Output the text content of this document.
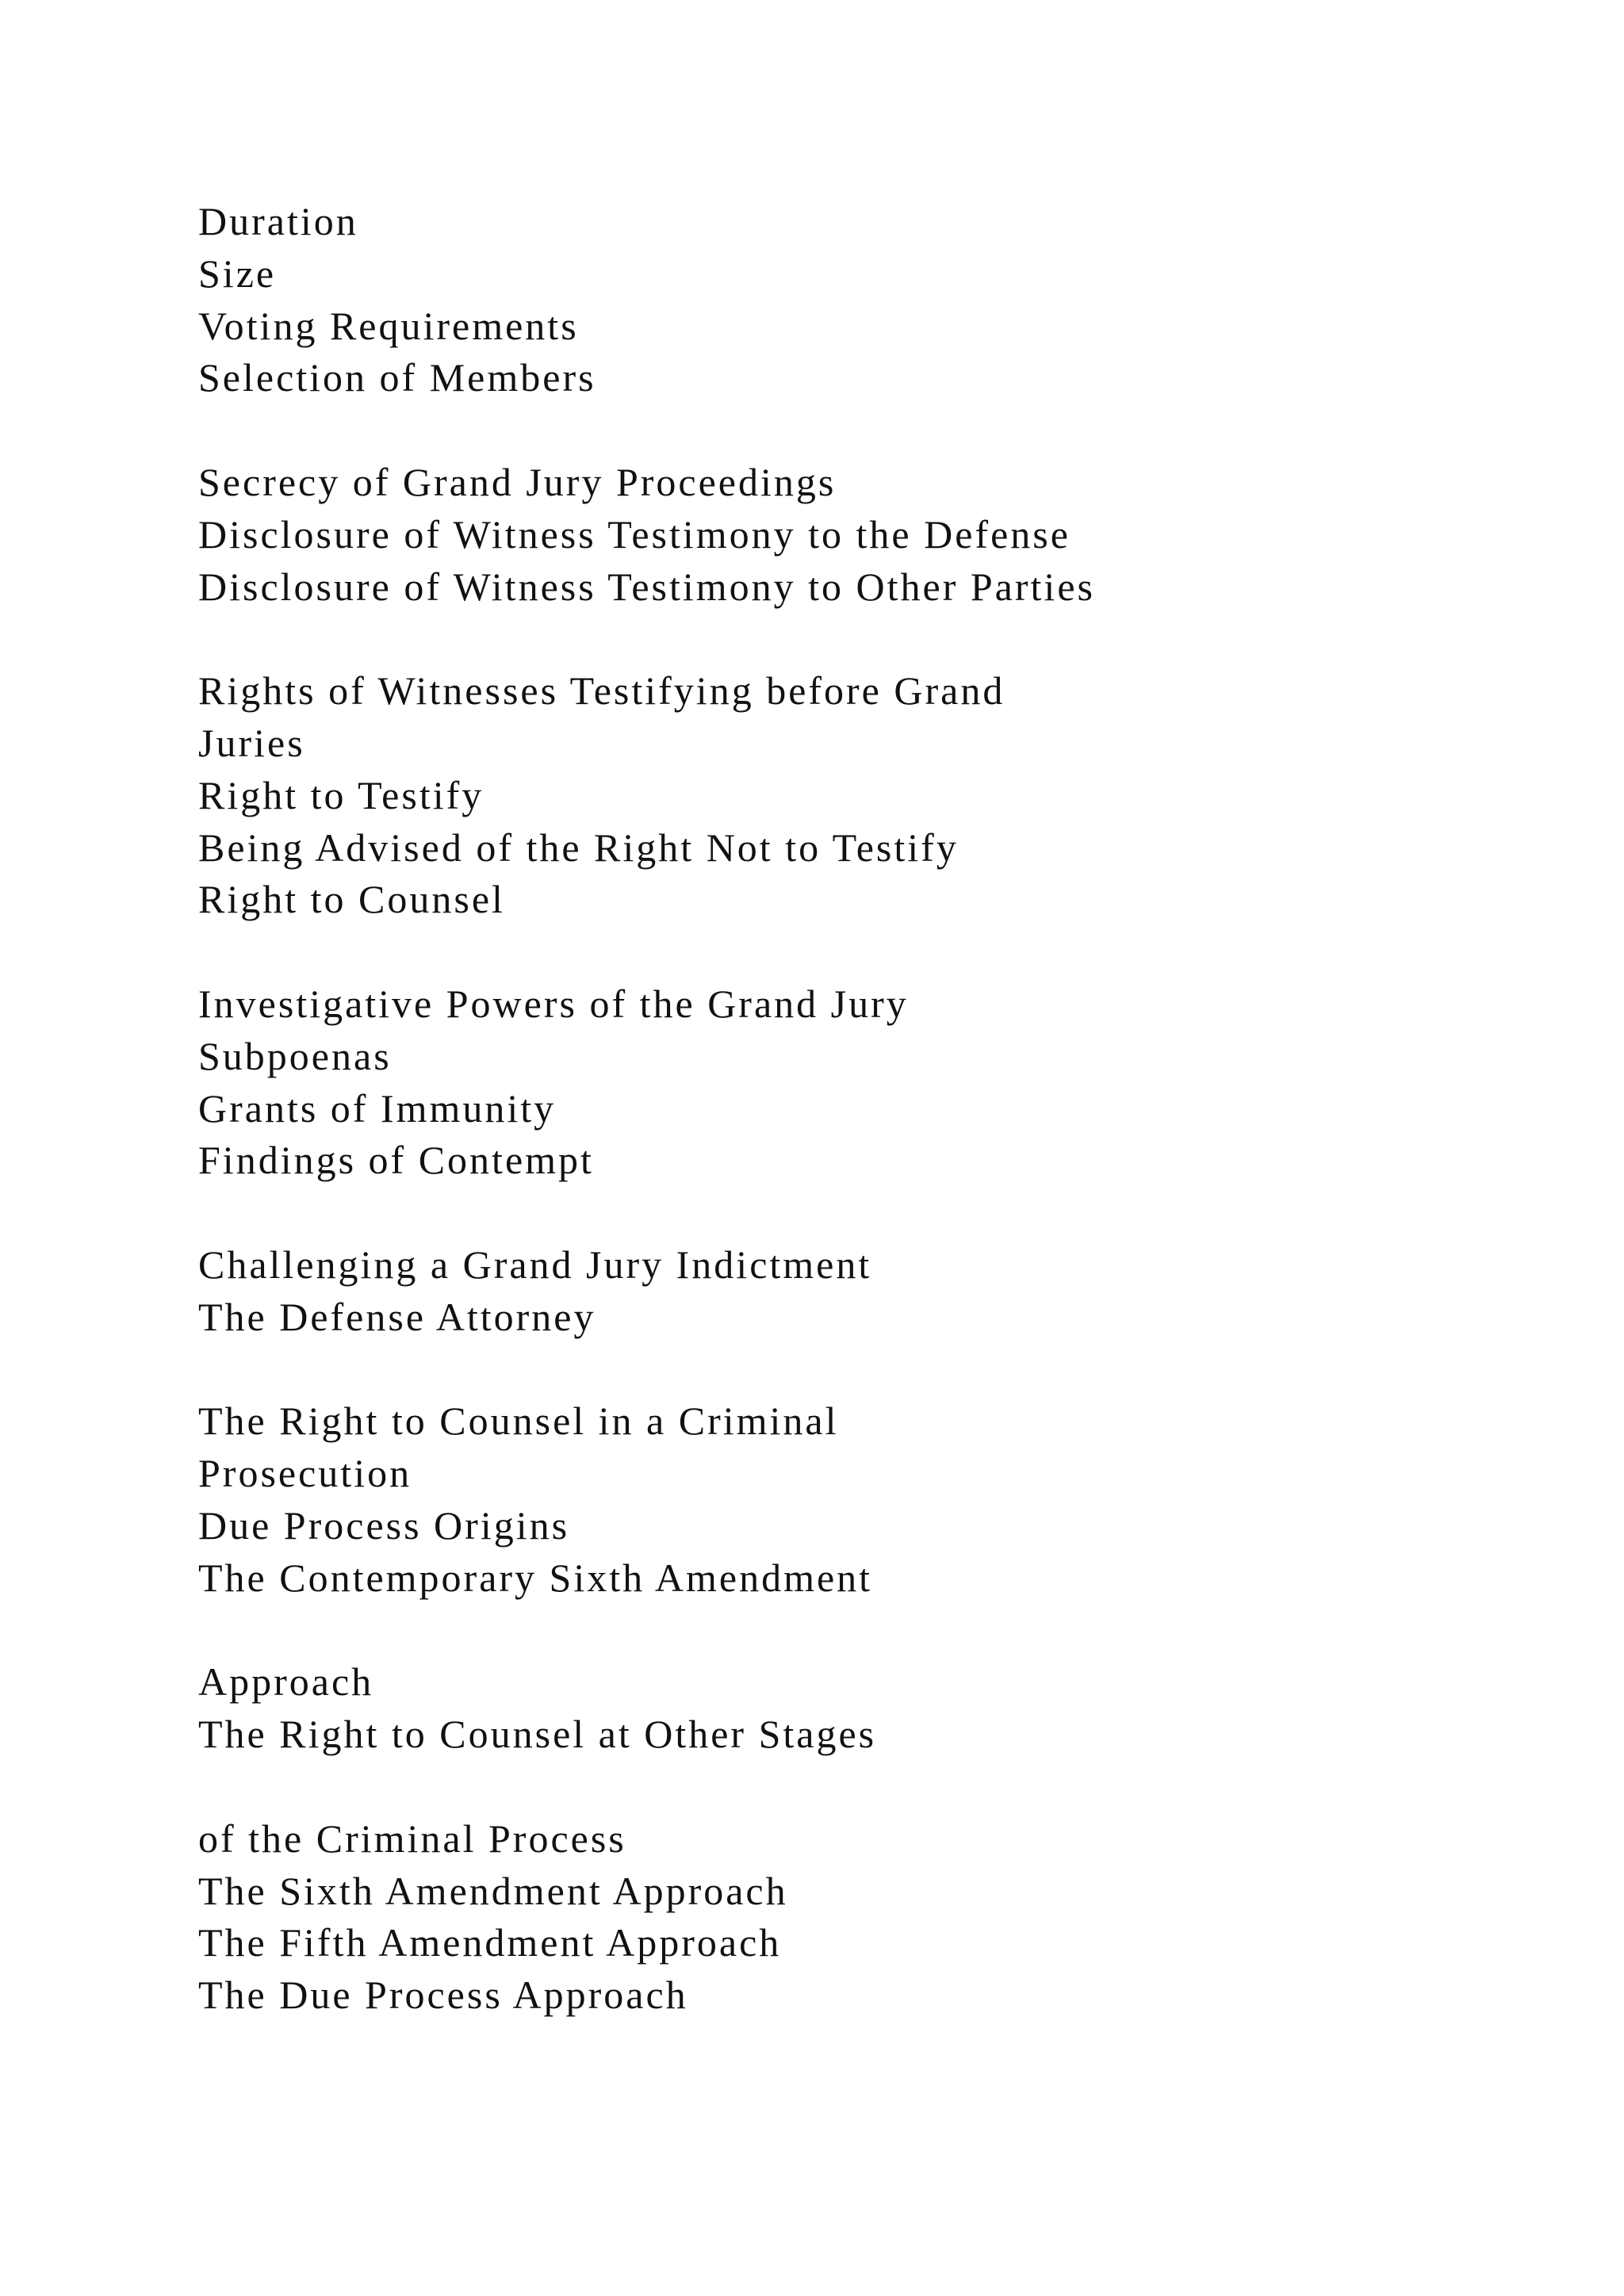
Duration
Size
Voting Requirements
Selection of Members
Secrecy of Grand Jury Proceedings
Disclosure of Witness Testimony to the Defense
Disclosure of Witness Testimony to Other Parties
Rights of Witnesses Testifying before Grand
Juries
Right to Testify
Being Advised of the Right Not to Testify
Right to Counsel
Investigative Powers of the Grand Jury
Subpoenas
Grants of Immunity
Findings of Contempt
Challenging a Grand Jury Indictment
The Defense Attorney
The Right to Counsel in a Criminal
Prosecution
Due Process Origins
The Contemporary Sixth Amendment
Approach
The Right to Counsel at Other Stages
of the Criminal Process
The Sixth Amendment Approach
The Fifth Amendment Approach
The Due Process Approach
